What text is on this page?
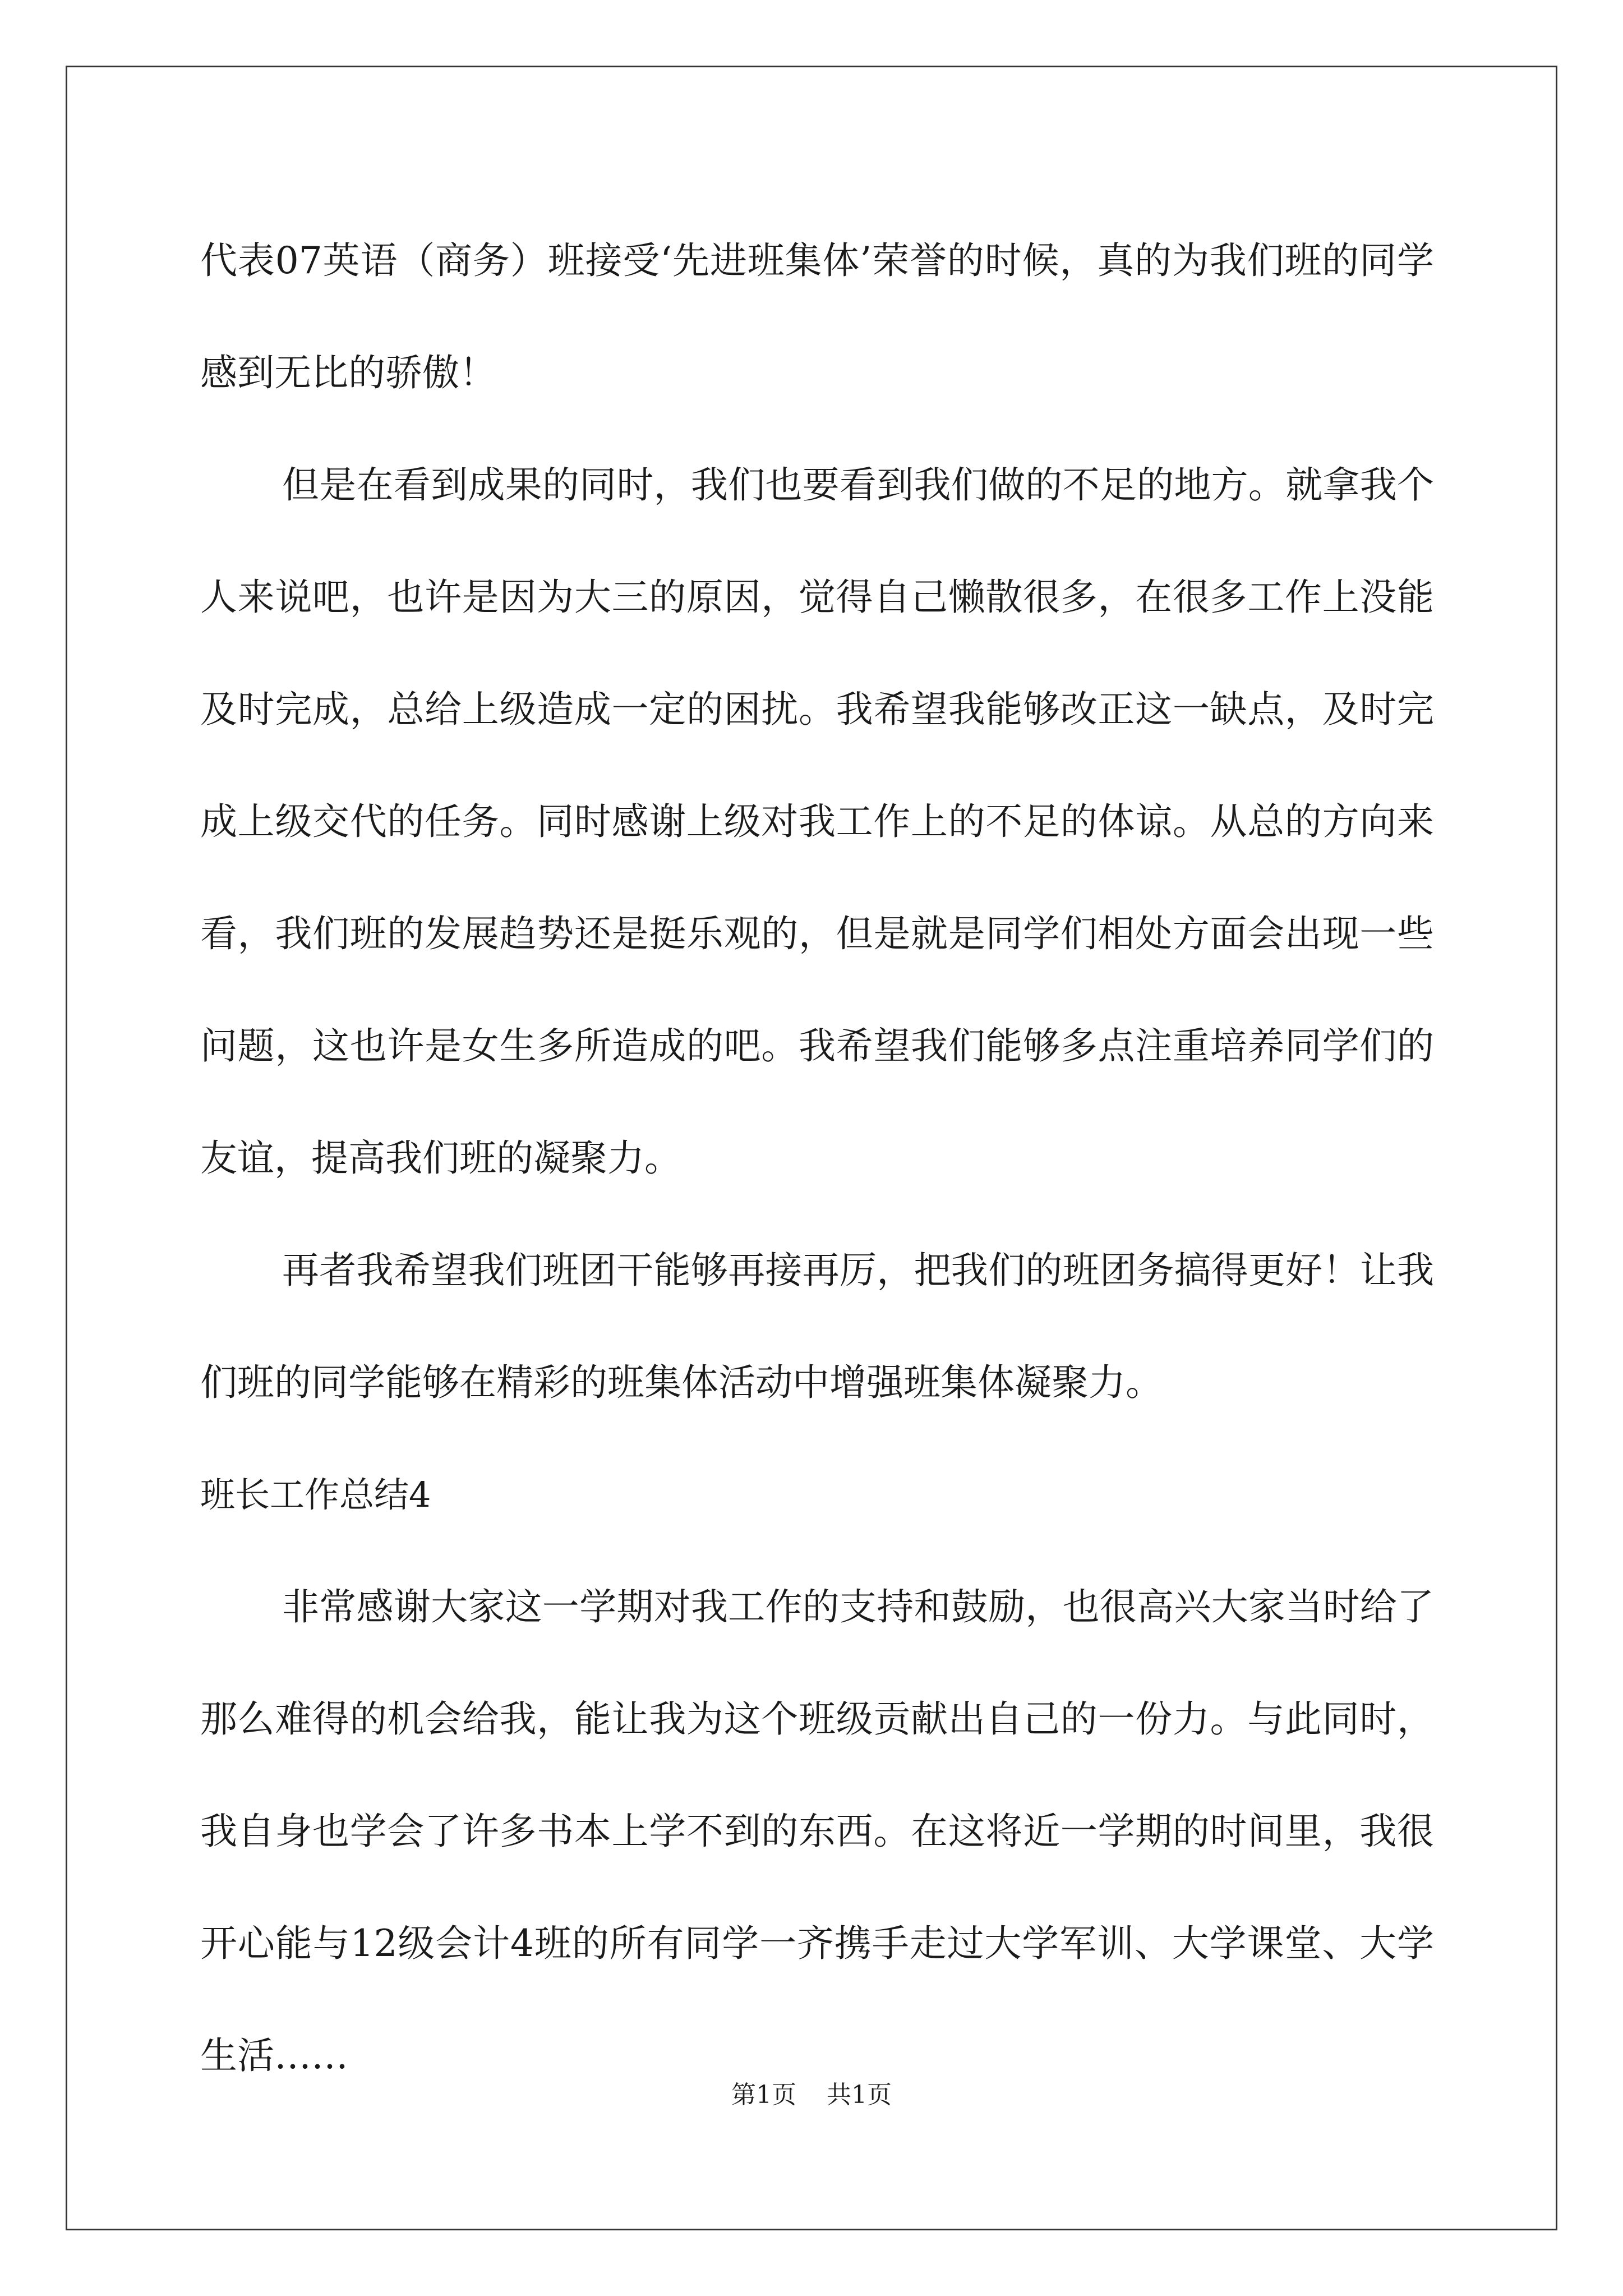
代表07英语（商务）班接受‘先进班集体’荣誉的时候，真的为我们班的同学感到无比的骄傲！

但是在看到成果的同时，我们也要看到我们做的不足的地方。就拿我个人来说吧，也许是因为大三的原因，觉得自己懒散很多，在很多工作上没能及时完成，总给上级造成一定的困扰。我希望我能够改正这一缺点，及时完成上级交代的任务。同时感谢上级对我工作上的不足的体谅。从总的方向来看，我们班的发展趋势还是挺乐观的，但是就是同学们相处方面会出现一些问题，这也许是女生多所造成的吧。我希望我们能够多点注重培养同学们的友谊，提高我们班的凝聚力。

再者我希望我们班团干能够再接再厉，把我们的班团务搞得更好！让我们班的同学能够在精彩的班集体活动中增强班集体凝聚力。

班长工作总结4

非常感谢大家这一学期对我工作的支持和鼓励，也很高兴大家当时给了那么难得的机会给我，能让我为这个班级贡献出自己的一份力。与此同时，我自身也学会了许多书本上学不到的东西。在这将近一学期的时间里，我很开心能与12级会计4班的所有同学一齐携手走过大学军训、大学课堂、大学生活……

第1页 共1页
